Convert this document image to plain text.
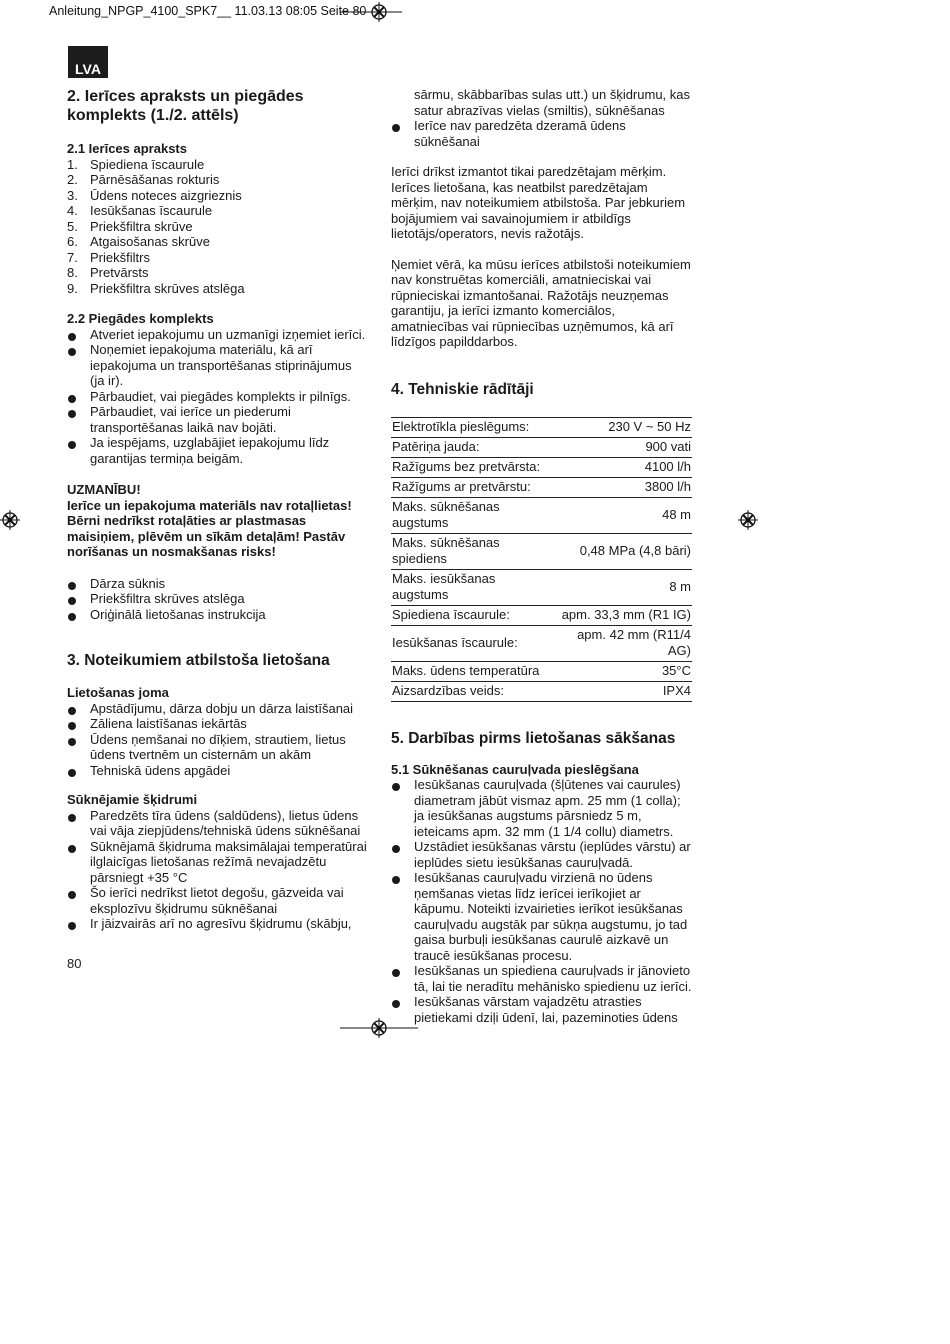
Anleitung_NPGP_4100_SPK7__ 11.03.13 08:05 Seite 80
LVA
2. Ierīces apraksts un piegādes komplekts (1./2. attēls)

2.1 Ierīces apraksts

1. Spiediena īscaurule
2. Pārnēsāšanas rokturis
3. Ūdens noteces aizgrieznis
4. Iesūkšanas īscaurule
5. Priekšfiltra skrūve
6. Atgaisošanas skrūve
7. Priekšfiltrs
8. Pretvārsts
9. Priekšfiltra skrūves atslēga

2.2 Piegādes komplekts

Atveriet iepakojumu un uzmanīgi izņemiet ierīci.
Noņemiet iepakojuma materiālu, kā arī iepakojuma un transportēšanas stiprinājumus (ja ir).
Pārbaudiet, vai piegādes komplekts ir pilnīgs.
Pārbaudiet, vai ierīce un piederumi transportēšanas laikā nav bojāti.
Ja iespējams, uzglabājiet iepakojumu līdz garantijas termiņa beigām.

UZMANĪBU!

Ierīce un iepakojuma materiāls nav rotaļlietas! Bērni nedrīkst rotaļāties ar plastmasas maisiņiem, plēvēm un sīkām detaļām! Pastāv norīšanas un nosmakšanas risks!

Dārza sūknis
Priekšfiltra skrūves atslēga
Oriģinālā lietošanas instrukcija
3. Noteikumiem atbilstoša lietošana

Lietošanas joma

Apstādījumu, dārza dobju un dārza laistīšanai
Zāliena laistīšanas iekārtās
Ūdens ņemšanai no dīķiem, strautiem, lietus ūdens tvertnēm un cisternām un akām
Tehniskā ūdens apgādei

Sūknējamie šķidrumi

Paredzēts tīra ūdens (saldūdens), lietus ūdens vai vāja ziepjūdens/tehniskā ūdens sūknēšanai
Sūknējamā šķidruma maksimālajai temperatūrai ilglaicīgas lietošanas režīmā nevajadzētu pārsniegt +35 °C
Šo ierīci nedrīkst lietot degošu, gāzveida vai eksplozīvu šķidrumu sūknēšanai
Ir jāizvairās arī no agresīvu šķidrumu (skābju,
sārmu, skābbarības sulas utt.) un šķidrumu, kas satur abrazīvas vielas (smiltis), sūknēšanas
Ierīce nav paredzēta dzeramā ūdens sūknēšanai

Ierīci drīkst izmantot tikai paredzētajam mērķim. Ierīces lietošana, kas neatbilst paredzētajam mērķim, nav noteikumiem atbilstoša. Par jebkuriem bojājumiem vai savainojumiem ir atbildīgs lietotājs/operators, nevis ražotājs.

Ņemiet vērā, ka mūsu ierīces atbilstoši noteikumiem nav konstruētas komerciāli, amatnieciskai vai rūpnieciskai izmantošanai. Ražotājs neuzņemas garantiju, ja ierīci izmanto komerciālos, amatniecības vai rūpniecības uzņēmumos, kā arī līdzīgos papilddarbos.

4. Tehniskie rādītāji
Elektrotīkla pieslēgums:	230 V ~ 50 Hz
Patēriņa jauda:	900 vati
Ražīgums bez pretvārsta:	4100 l/h
Ražīgums ar pretvārstu:	3800 l/h
Maks. sūknēšanas augstums	48 m
Maks. sūknēšanas spiediens	0,48 MPa (4,8 bāri)
Maks. iesūkšanas augstums	8 m
Spiediena īscaurule:	apm. 33,3 mm (R1 IG)
Iesūkšanas īscaurule:	apm. 42 mm (R11/4 AG)
Maks. ūdens temperatūra	35°C
Aizsardzības veids:	IPX4
5. Darbības pirms lietošanas sākšanas

5.1 Sūknēšanas cauruļvada pieslēgšana

Iesūkšanas cauruļvada (šļūtenes vai caurules) diametram jābūt vismaz apm. 25 mm (1 colla); ja iesūkšanas augstums pārsniedz 5 m, ieteicams apm. 32 mm (1 1/4 collu) diametrs.
Uzstādiet iesūkšanas vārstu (ieplūdes vārstu) ar ieplūdes sietu iesūkšanas cauruļvadā.
Iesūkšanas cauruļvadu virzienā no ūdens ņemšanas vietas līdz ierīcei ierīkojiet ar kāpumu. Noteikti izvairieties ierīkot iesūkšanas cauruļvadu augstāk par sūkņa augstumu, jo tad gaisa burbuļi iesūkšanas caurulē aizkavē un traucē iesūkšanas procesu.
Iesūkšanas un spiediena cauruļvads ir jānovieto tā, lai tie neradītu mehānisko spiedienu uz ierīci.
Iesūkšanas vārstam vajadzētu atrasties pietiekami dziļi ūdenī, lai, pazeminoties ūdens
80
